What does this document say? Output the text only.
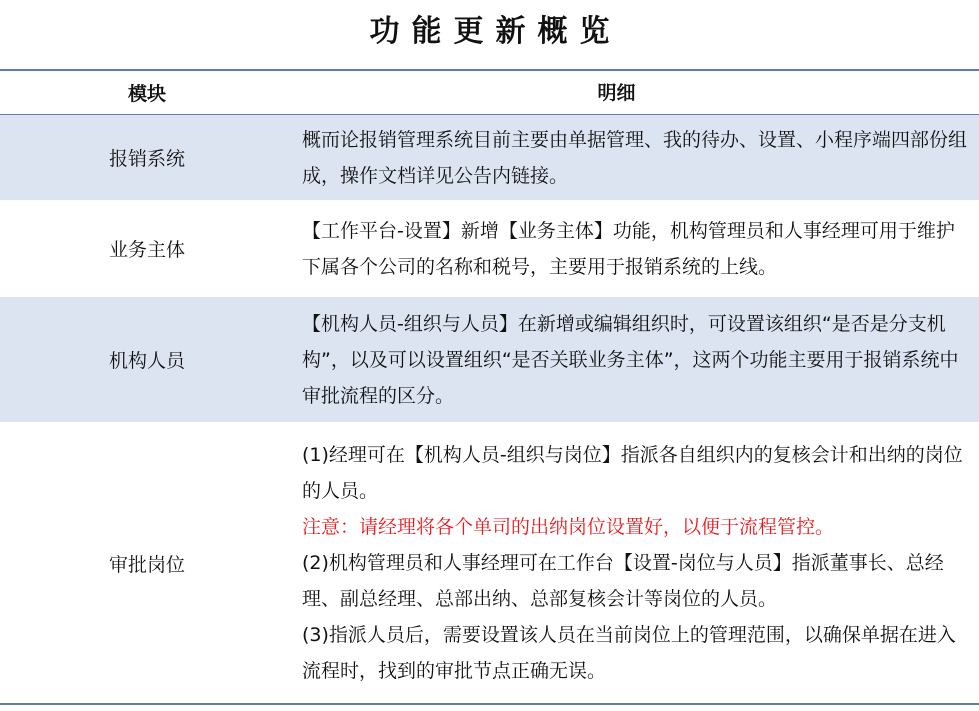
功能更新概览
模块	明细
报销系统
概而论报销管理系统目前主要由单据管理、我的待办、设置、小程序端四部份组成，操作文档详见公告内链接。
业务主体
【工作平台-设置】新增【业务主体】功能，机构管理员和人事经理可用于维护下属各个公司的名称和税号，主要用于报销系统的上线。
机构人员
【机构人员-组织与人员】在新增或编辑组织时，可设置该组织“是否是分支机构”，以及可以设置组织“是否关联业务主体”，这两个功能主要用于报销系统中审批流程的区分。
审批岗位
(1)经理可在【机构人员-组织与岗位】指派各自组织内的复核会计和出纳的岗位的人员。
注意：请经理将各个单司的出纳岗位设置好，以便于流程管控。
(2)机构管理员和人事经理可在工作台【设置-岗位与人员】指派董事长、总经理、副总经理、总部出纳、总部复核会计等岗位的人员。
(3)指派人员后，需要设置该人员在当前岗位上的管理范围，以确保单据在进入流程时，找到的审批节点正确无误。
